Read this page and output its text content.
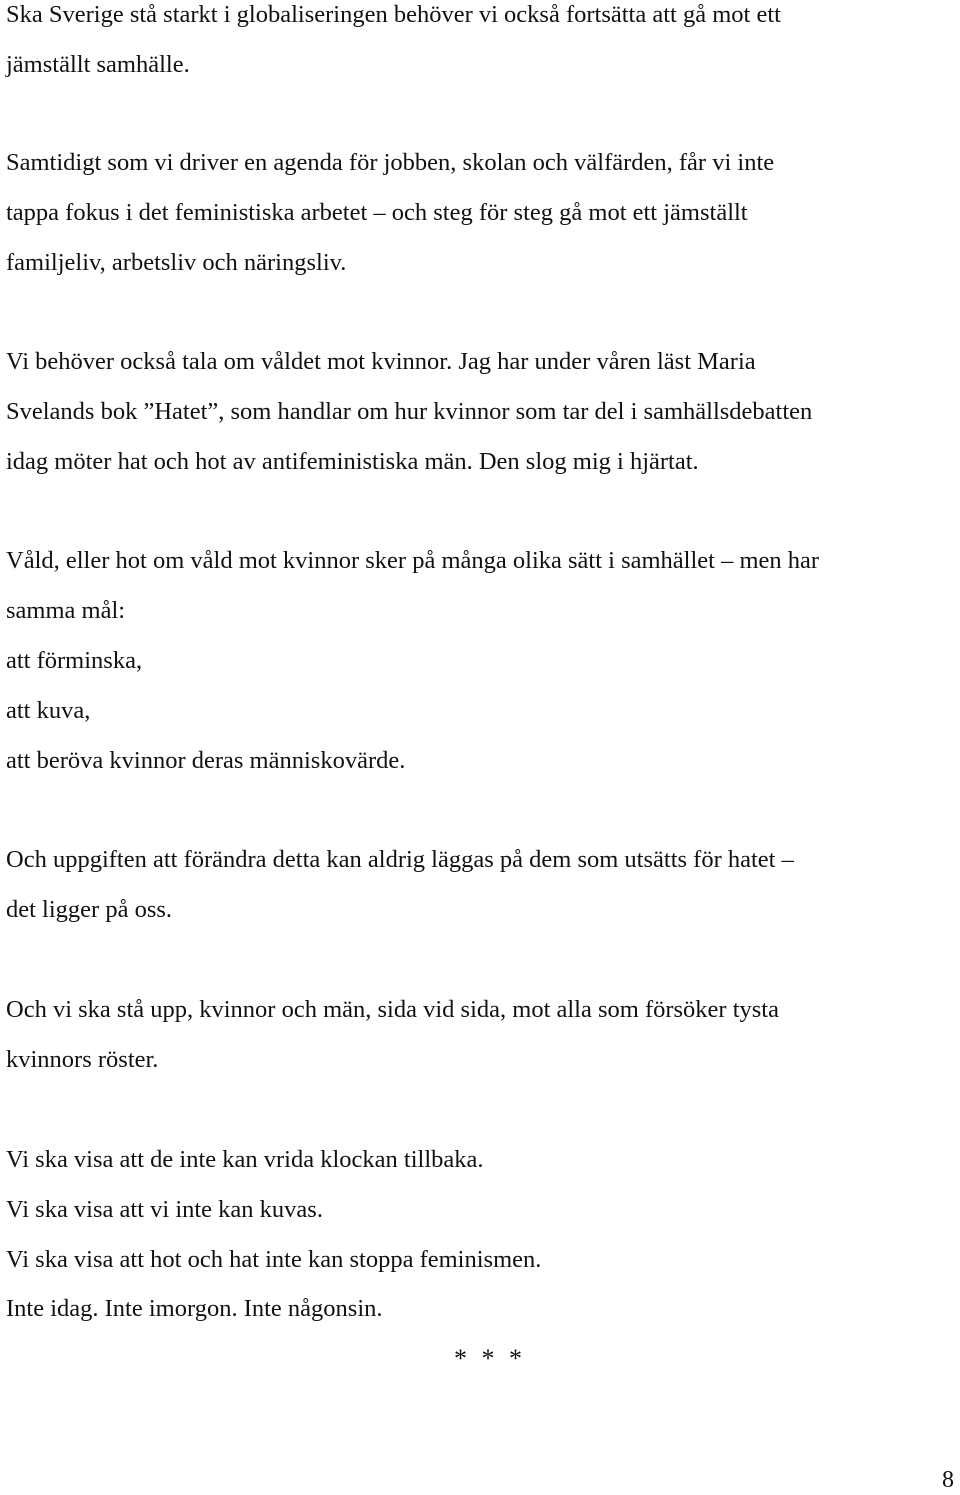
Ska Sverige stå starkt i globaliseringen behöver vi också fortsätta att gå mot ett
jämställt samhälle.
Samtidigt som vi driver en agenda för jobben, skolan och välfärden, får vi inte
tappa fokus i det feministiska arbetet – och steg för steg gå mot ett jämställt
familjeliv, arbetsliv och näringsliv.
Vi behöver också tala om våldet mot kvinnor. Jag har under våren läst Maria
Svelands bok ”Hatet”, som handlar om hur kvinnor som tar del i samhällsdebatten
idag möter hat och hot av antifeministiska män. Den slog mig i hjärtat.
Våld, eller hot om våld mot kvinnor sker på många olika sätt i samhället – men har
samma mål:
att förminska,
att kuva,
att beröva kvinnor deras människovärde.
Och uppgiften att förändra detta kan aldrig läggas på dem som utsätts för hatet –
det ligger på oss.
Och vi ska stå upp, kvinnor och män, sida vid sida, mot alla som försöker tysta
kvinnors röster.
Vi ska visa att de inte kan vrida klockan tillbaka.
Vi ska visa att vi inte kan kuvas.
Vi ska visa att hot och hat inte kan stoppa feminismen.
Inte idag. Inte imorgon. Inte någonsin.
* * *
8
